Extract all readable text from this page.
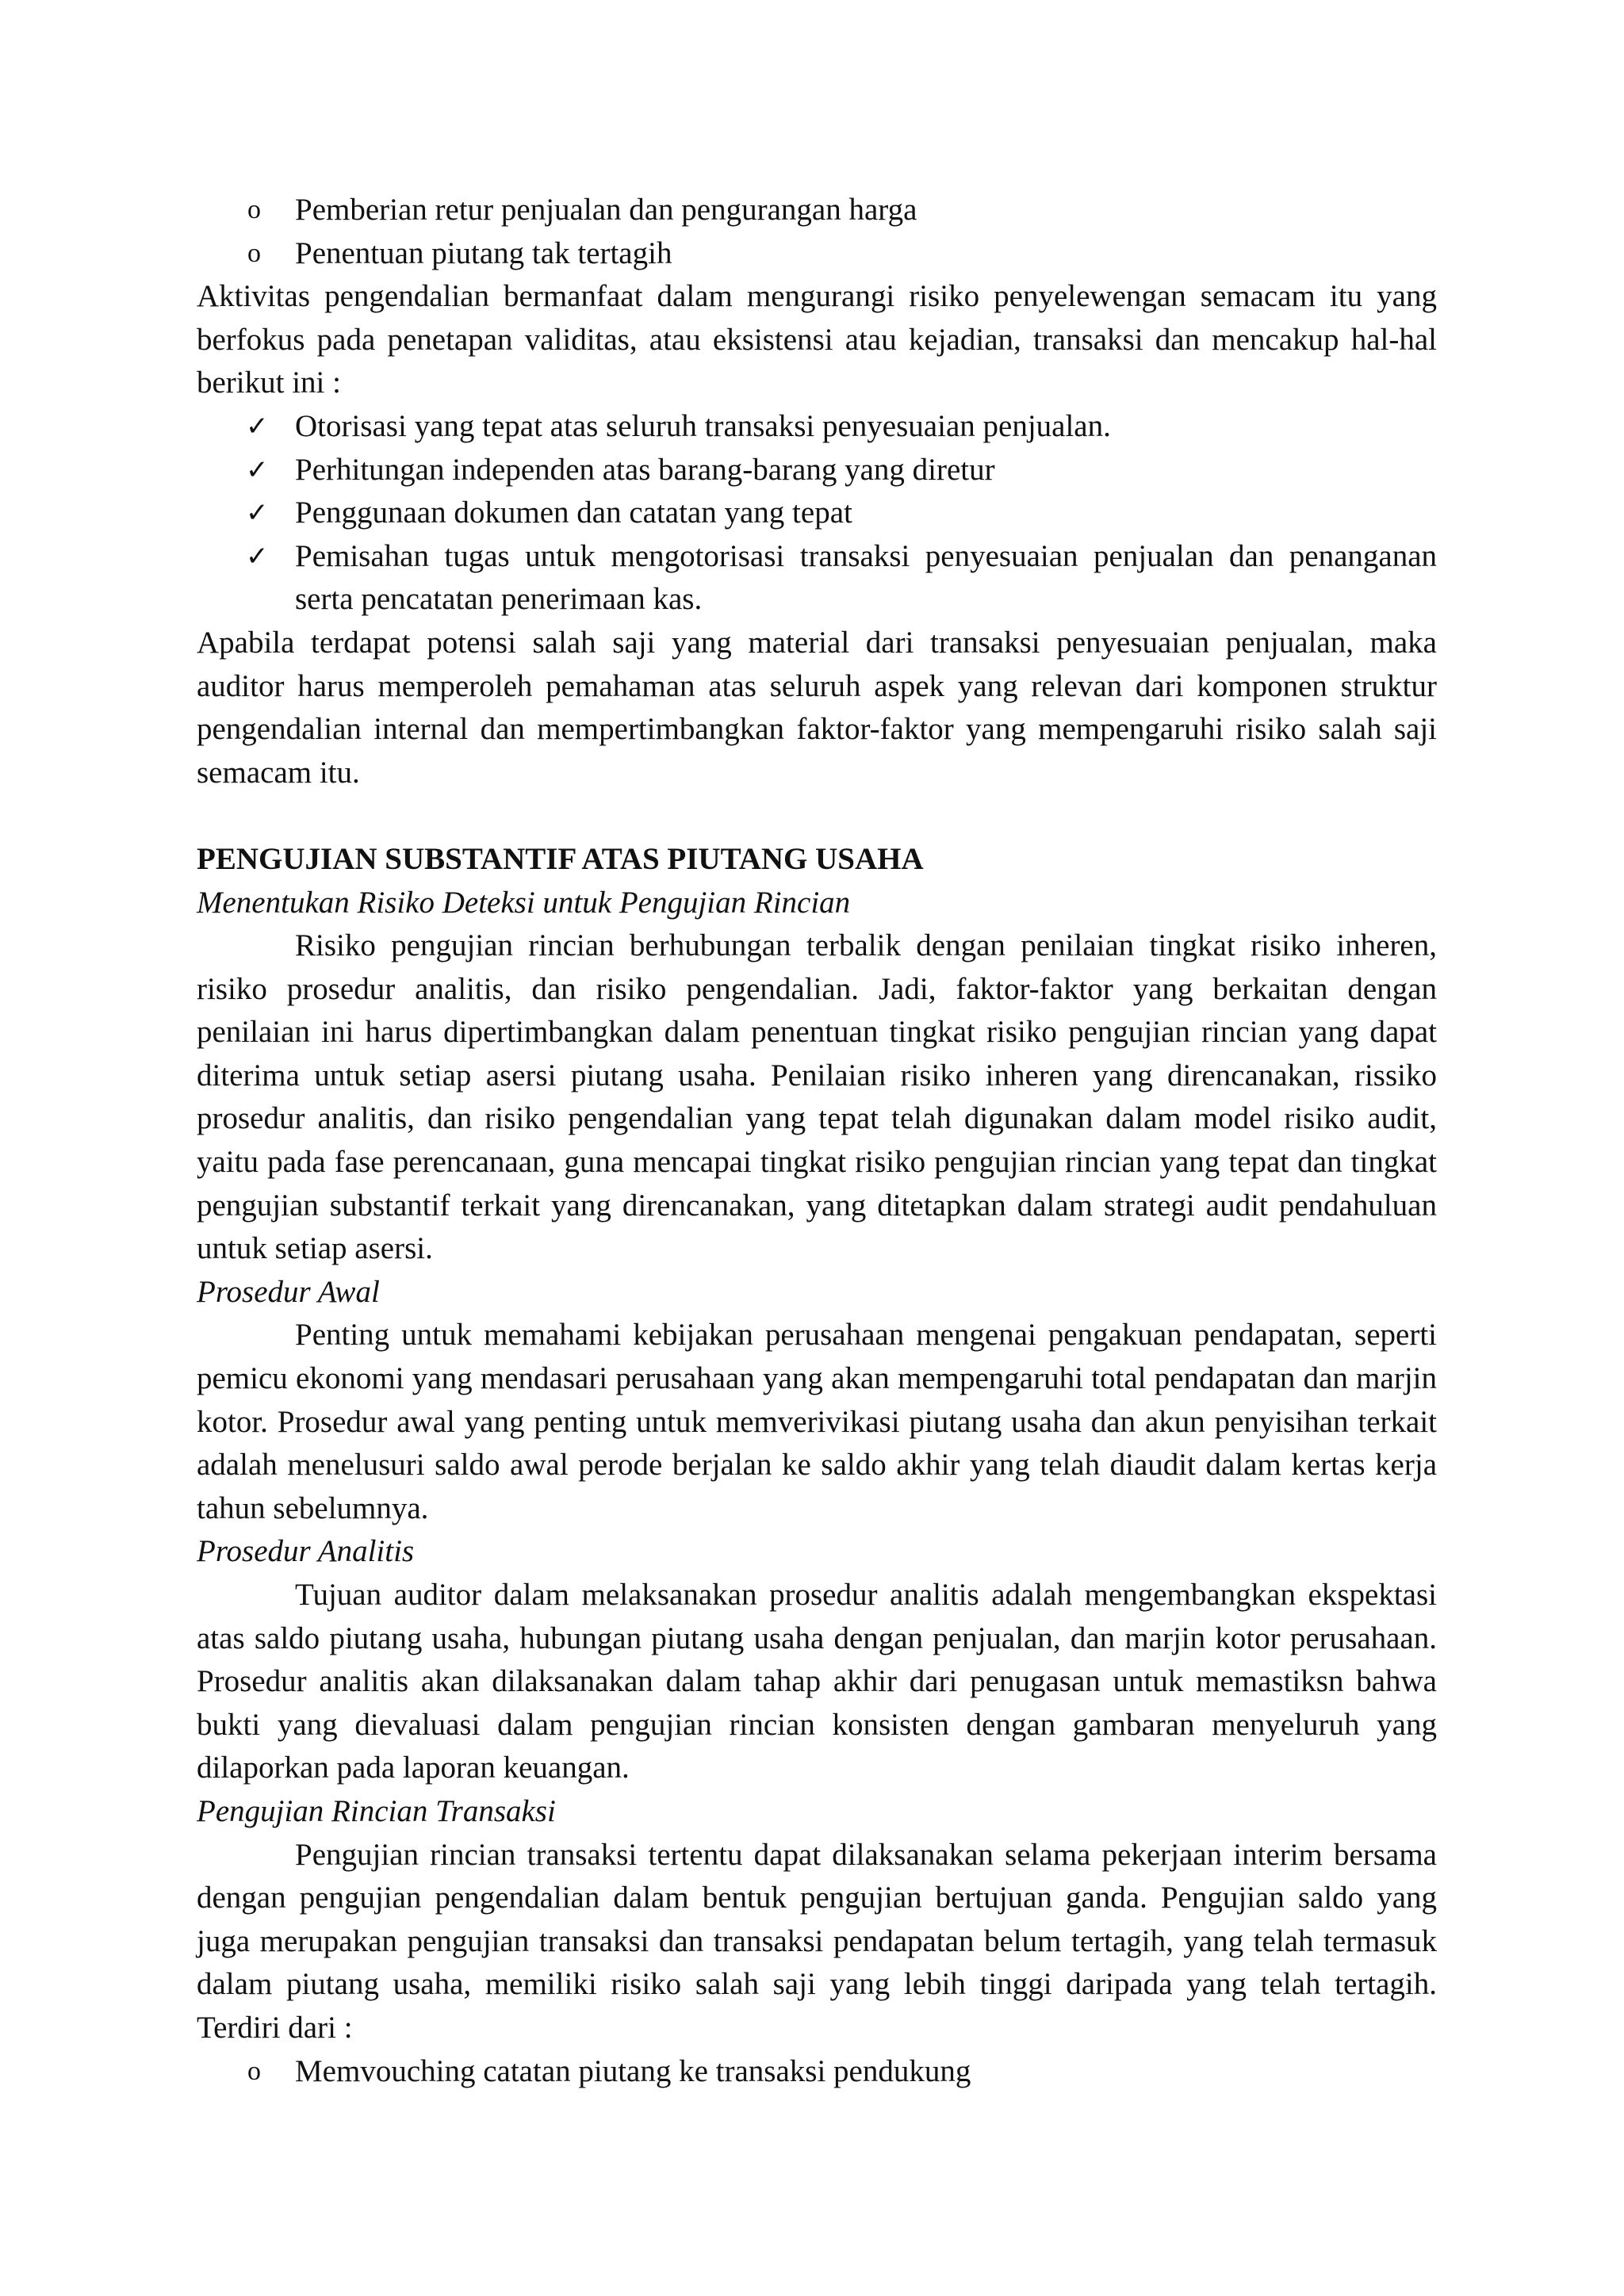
o Pemberian retur penjualan dan pengurangan harga

o Penentuan piutang tak tertagih

Aktivitas pengendalian bermanfaat dalam mengurangi risiko penyelewengan semacam itu yang berfokus pada penetapan validitas, atau eksistensi atau kejadian, transaksi dan mencakup hal-hal berikut ini :

✓ Otorisasi yang tepat atas seluruh transaksi penyesuaian penjualan.

✓ Perhitungan independen atas barang-barang yang diretur

✓ Penggunaan dokumen dan catatan yang tepat

✓ Pemisahan tugas untuk mengotorisasi transaksi penyesuaian penjualan dan penanganan serta pencatatan penerimaan kas.

Apabila terdapat potensi salah saji yang material dari transaksi penyesuaian penjualan, maka auditor harus memperoleh pemahaman atas seluruh aspek yang relevan dari komponen struktur pengendalian internal dan mempertimbangkan faktor-faktor yang mempengaruhi risiko salah saji semacam itu.

PENGUJIAN SUBSTANTIF ATAS PIUTANG USAHA

Menentukan Risiko Deteksi untuk Pengujian Rincian

Risiko pengujian rincian berhubungan terbalik dengan penilaian tingkat risiko inheren, risiko prosedur analitis, dan risiko pengendalian. Jadi, faktor-faktor yang berkaitan dengan penilaian ini harus dipertimbangkan dalam penentuan tingkat risiko pengujian rincian yang dapat diterima untuk setiap asersi piutang usaha. Penilaian risiko inheren yang direncanakan, rissiko prosedur analitis, dan risiko pengendalian yang tepat telah digunakan dalam model risiko audit, yaitu pada fase perencanaan, guna mencapai tingkat risiko pengujian rincian yang tepat dan tingkat pengujian substantif terkait yang direncanakan, yang ditetapkan dalam strategi audit pendahuluan untuk setiap asersi.

Prosedur Awal

Penting untuk memahami kebijakan perusahaan mengenai pengakuan pendapatan, seperti pemicu ekonomi yang mendasari perusahaan yang akan mempengaruhi total pendapatan dan marjin kotor. Prosedur awal yang penting untuk memverivikasi piutang usaha dan akun penyisihan terkait adalah menelusuri saldo awal perode berjalan ke saldo akhir yang telah diaudit dalam kertas kerja tahun sebelumnya.

Prosedur Analitis

Tujuan auditor dalam melaksanakan prosedur analitis adalah mengembangkan ekspektasi atas saldo piutang usaha, hubungan piutang usaha dengan penjualan, dan marjin kotor perusahaan. Prosedur analitis akan dilaksanakan dalam tahap akhir dari penugasan untuk memastiksn bahwa bukti yang dievaluasi dalam pengujian rincian konsisten dengan gambaran menyeluruh yang dilaporkan pada laporan keuangan.

Pengujian Rincian Transaksi

Pengujian rincian transaksi tertentu dapat dilaksanakan selama pekerjaan interim bersama dengan pengujian pengendalian dalam bentuk pengujian bertujuan ganda. Pengujian saldo yang juga merupakan pengujian transaksi dan transaksi pendapatan belum tertagih, yang telah termasuk dalam piutang usaha, memiliki risiko salah saji yang lebih tinggi daripada yang telah tertagih. Terdiri dari :

o Memvouching catatan piutang ke transaksi pendukung
